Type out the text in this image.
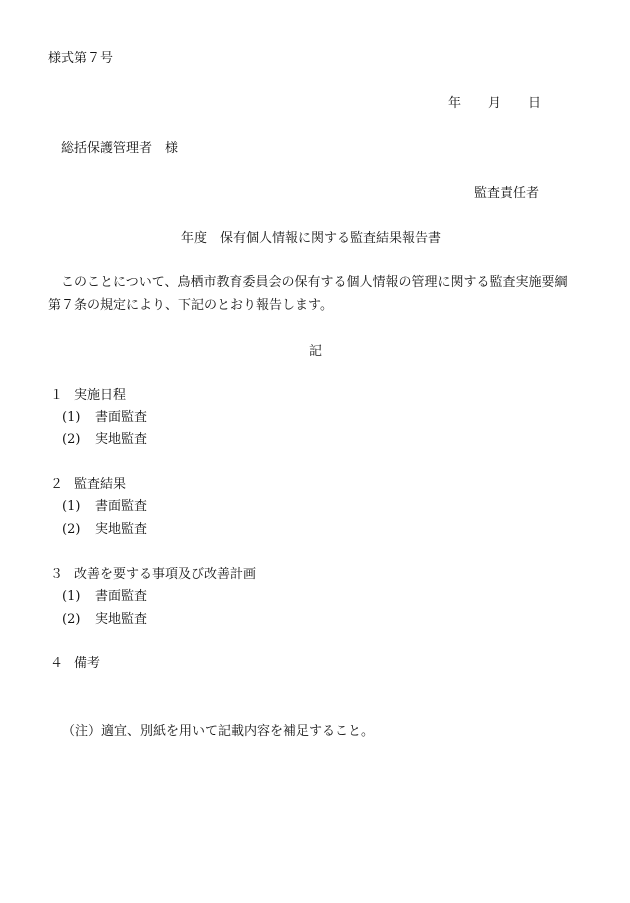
様式第７号
年 月 日
総括保護管理者　様
監査責任者
年度　保有個人情報に関する監査結果報告書
このことについて、鳥栖市教育委員会の保有する個人情報の管理に関する監査実施要綱
第７条の規定により、下記のとおり報告します。
記
１ 実施日程
(1) 書面監査
(2) 実地監査
２ 監査結果
(1) 書面監査
(2) 実地監査
３ 改善を要する事項及び改善計画
(1) 書面監査
(2) 実地監査
４ 備考
（注）適宜、別紙を用いて記載内容を補足すること。
